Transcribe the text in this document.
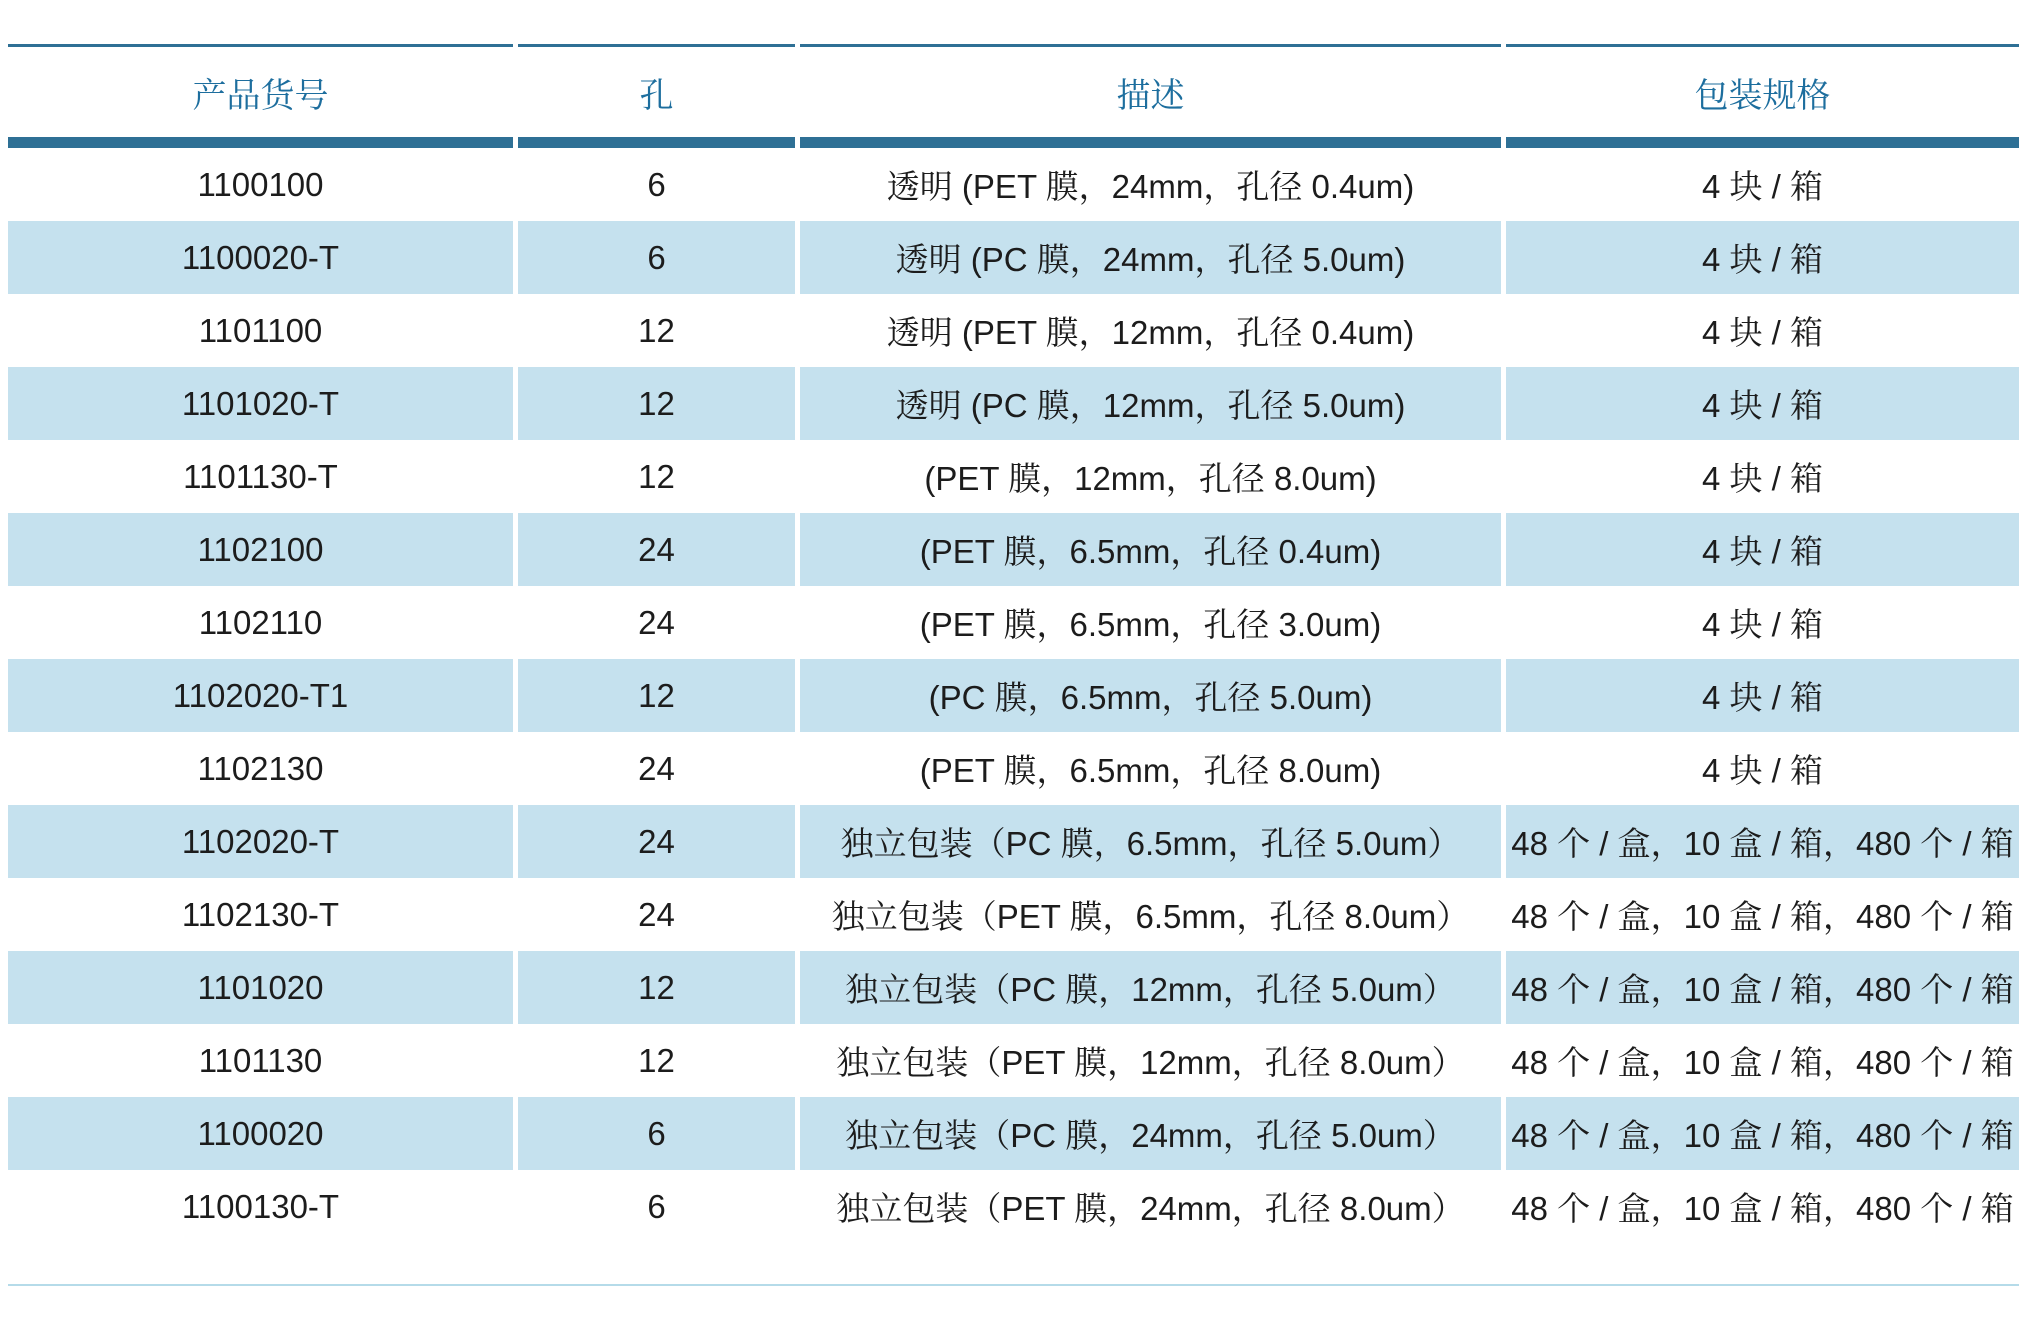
产品货号	孔	描述	包装规格
1100100	6	透明 (PET 膜，24mm，孔径 0.4um)	4 块 / 箱
1100020-T	6	透明 (PC 膜，24mm，孔径 5.0um)	4 块 / 箱
1101100	12	透明 (PET 膜，12mm，孔径 0.4um)	4 块 / 箱
1101020-T	12	透明 (PC 膜，12mm，孔径 5.0um)	4 块 / 箱
1101130-T	12	(PET 膜，12mm，孔径 8.0um)	4 块 / 箱
1102100	24	(PET 膜，6.5mm，孔径 0.4um)	4 块 / 箱
1102110	24	(PET 膜，6.5mm，孔径 3.0um)	4 块 / 箱
1102020-T1	12	(PC 膜，6.5mm，孔径 5.0um)	4 块 / 箱
1102130	24	(PET 膜，6.5mm，孔径 8.0um)	4 块 / 箱
1102020-T	24	独立包装（PC 膜，6.5mm，孔径 5.0um）	48 个 / 盒，10 盒 / 箱，480 个 / 箱
1102130-T	24	独立包装（PET 膜，6.5mm，孔径 8.0um）	48 个 / 盒，10 盒 / 箱，480 个 / 箱
1101020	12	独立包装（PC 膜，12mm，孔径 5.0um）	48 个 / 盒，10 盒 / 箱，480 个 / 箱
1101130	12	独立包装（PET 膜，12mm，孔径 8.0um）	48 个 / 盒，10 盒 / 箱，480 个 / 箱
1100020	6	独立包装（PC 膜，24mm，孔径 5.0um）	48 个 / 盒，10 盒 / 箱，480 个 / 箱
1100130-T	6	独立包装（PET 膜，24mm，孔径 8.0um）	48 个 / 盒，10 盒 / 箱，480 个 / 箱
